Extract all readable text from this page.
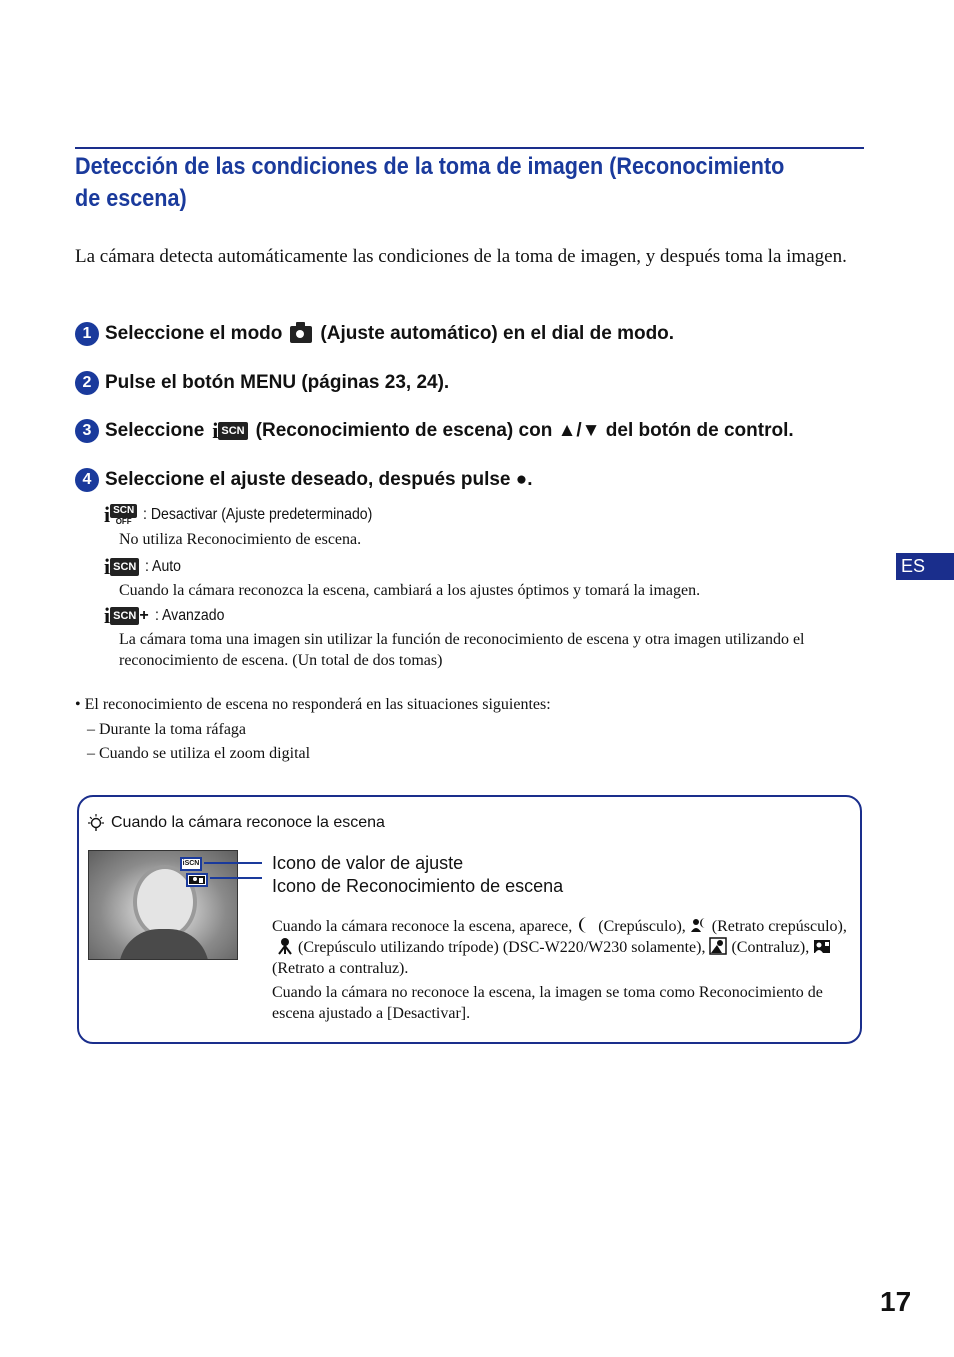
Detección de las condiciones de la toma de imagen (Reconocimiento de escena)
La cámara detecta automáticamente las condiciones de la toma de imagen, y después toma la imagen.
1 Seleccione el modo (Ajuste automático) en el dial de modo.
2 Pulse el botón MENU (páginas 23, 24).
3 Seleccione i SCN (Reconocimiento de escena) con ▲/▼ del botón de control.
4 Seleccione el ajuste deseado, después pulse ●.
i SCN
OFF : Desactivar (Ajuste predeterminado)
No utiliza Reconocimiento de escena.
i SCN : Auto
Cuando la cámara reconozca la escena, cambiará a los ajustes óptimos y tomará la imagen.
i SCN + : Avanzado
La cámara toma una imagen sin utilizar la función de reconocimiento de escena y otra imagen utilizando el reconocimiento de escena. (Un total de dos tomas)
• El reconocimiento de escena no responderá en las situaciones siguientes:
– Durante la toma ráfaga
– Cuando se utiliza el zoom digital
Cuando la cámara reconoce la escena
iSCN	Icono de valor de ajuste
Icono de Reconocimiento de escena

Cuando la cámara reconoce la escena, aparece, (Crepúsculo), (Retrato crepúsculo),(Crepúsculo utilizando trípode) (DSC-W220/W230 solamente), (Contraluz),(Retrato a contraluz).

Cuando la cámara no reconoce la escena, la imagen se toma como Reconocimiento de escena ajustado a [Desactivar].

ES
17
